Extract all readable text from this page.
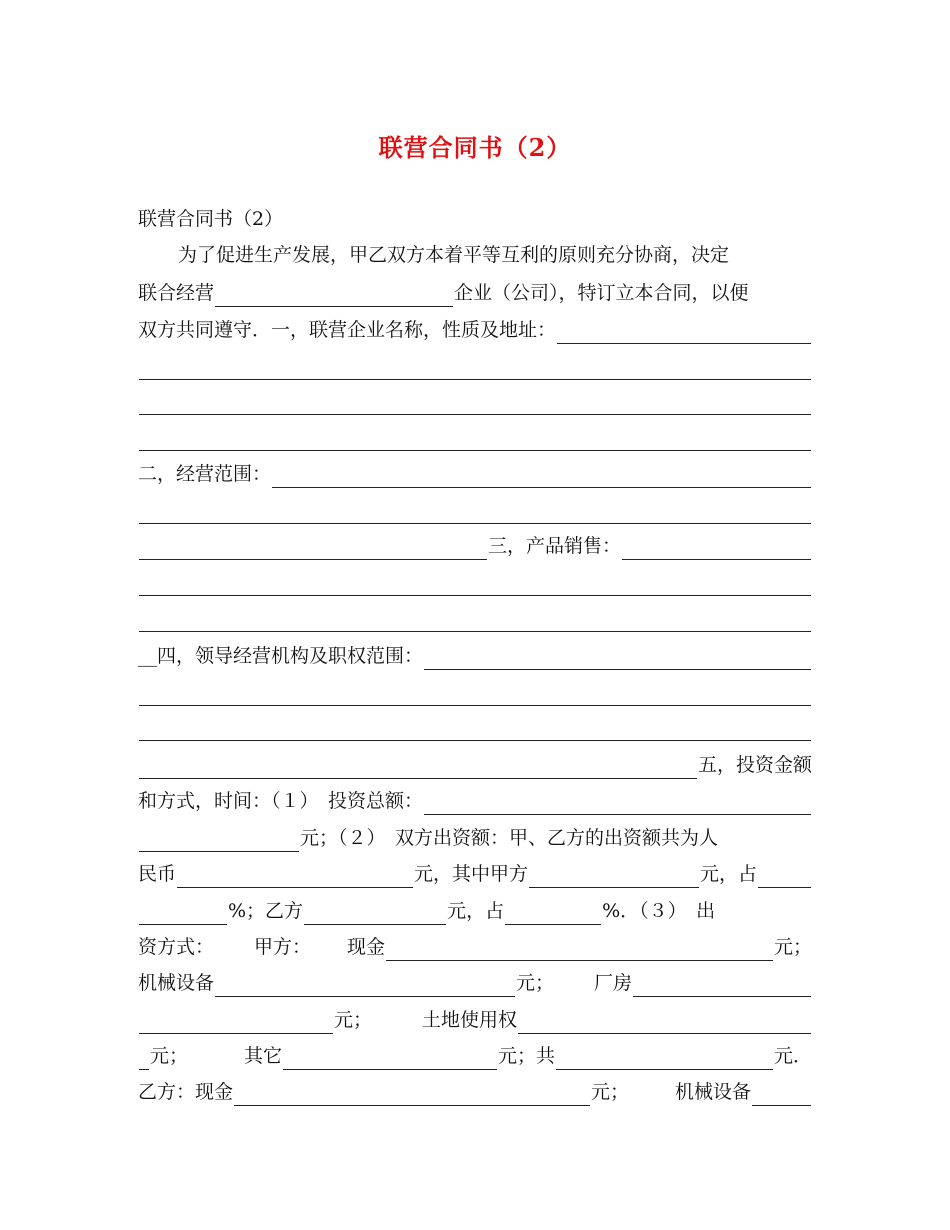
联营合同书（2）
联营合同书（2）
为了促进生产发展，甲乙双方本着平等互利的原则充分协商，决定
联合经营	企业（公司），特订立本合同，以便
双方共同遵守．一，联营企业名称，性质及地址：
二，经营范围：
三，产品销售：
__ 四，领导经营机构及职权范围：
五，投资金额
和方式，时间：（１）　投资总额：
元；（２）　双方出资额：甲、乙方的出资额共为人
民币	元，其中甲方	元，占
%；乙方	元，占	%．（３）　出
资方式： 甲方： 现金	元；
机械设备	元； 厂房
元；	土地使用权
元；	其它	元；共	元．
乙方：现金	元； 机械设备
